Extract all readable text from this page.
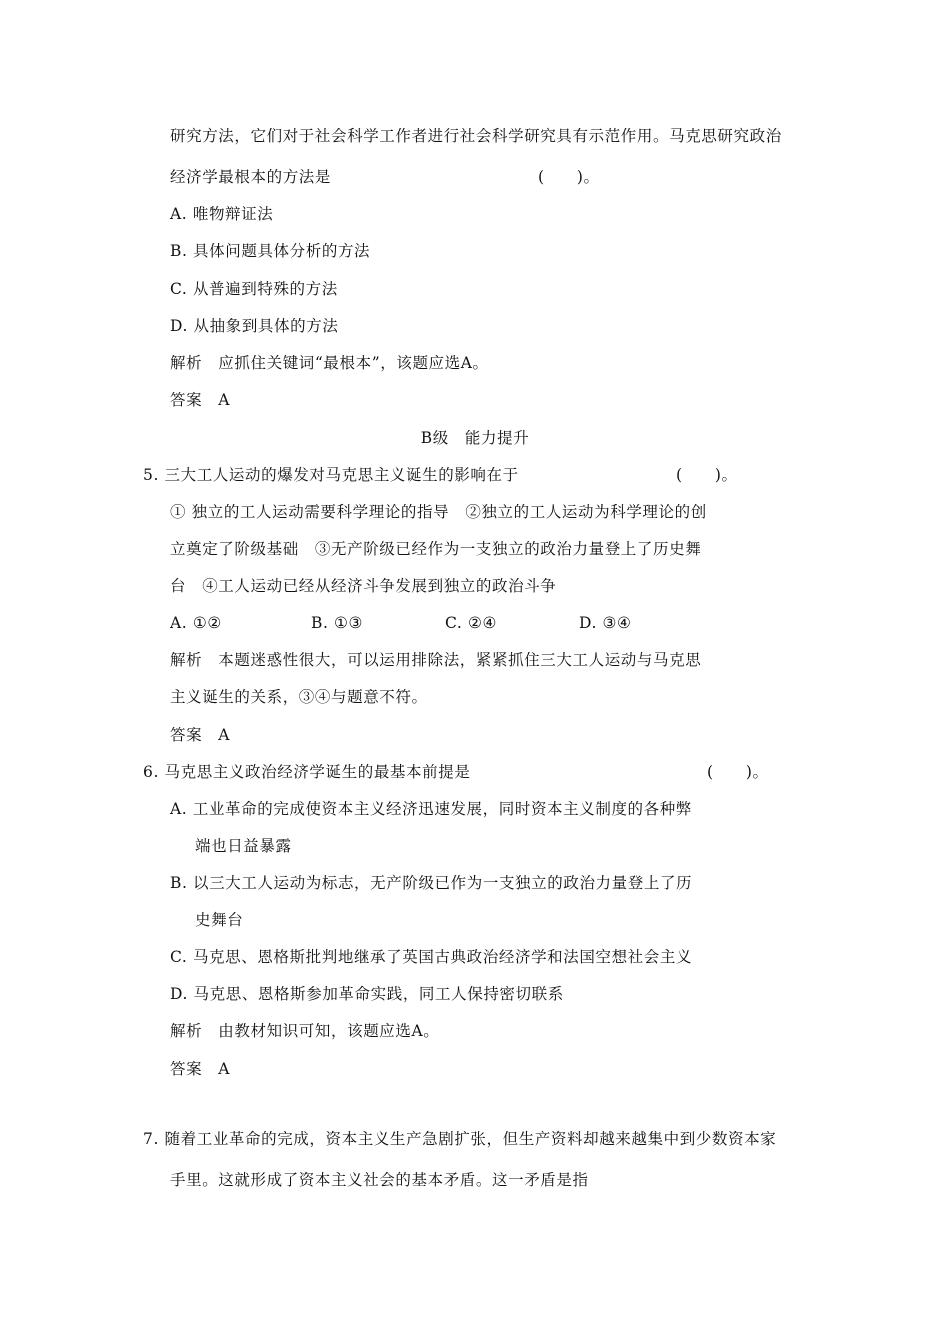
研究方法，它们对于社会科学工作者进行社会科学研究具有示范作用。马克思研究政治
经济学最根本的方法是	(　　)。
A. 唯物辩证法
B. 具体问题具体分析的方法
C. 从普遍到特殊的方法
D. 从抽象到具体的方法
解析　应抓住关键词“最根本”，该题应选A。
答案　A
B级　能力提升
5. 三大工人运动的爆发对马克思主义诞生的影响在于	(　　)。
① 独立的工人运动需要科学理论的指导　②独立的工人运动为科学理论的创
立奠定了阶级基础　③无产阶级已经作为一支独立的政治力量登上了历史舞
台　④工人运动已经从经济斗争发展到独立的政治斗争
A. ①②	B. ①③	C. ②④	D. ③④
解析　本题迷惑性很大，可以运用排除法，紧紧抓住三大工人运动与马克思
主义诞生的关系，③④与题意不符。
答案　A
6. 马克思主义政治经济学诞生的最基本前提是	(　　)。
A. 工业革命的完成使资本主义经济迅速发展，同时资本主义制度的各种弊
端也日益暴露
B. 以三大工人运动为标志，无产阶级已作为一支独立的政治力量登上了历
史舞台
C. 马克思、恩格斯批判地继承了英国古典政治经济学和法国空想社会主义
D. 马克思、恩格斯参加革命实践，同工人保持密切联系
解析　由教材知识可知，该题应选A。
答案　A
7. 随着工业革命的完成，资本主义生产急剧扩张，但生产资料却越来越集中到少数资本家
手里。这就形成了资本主义社会的基本矛盾。这一矛盾是指
